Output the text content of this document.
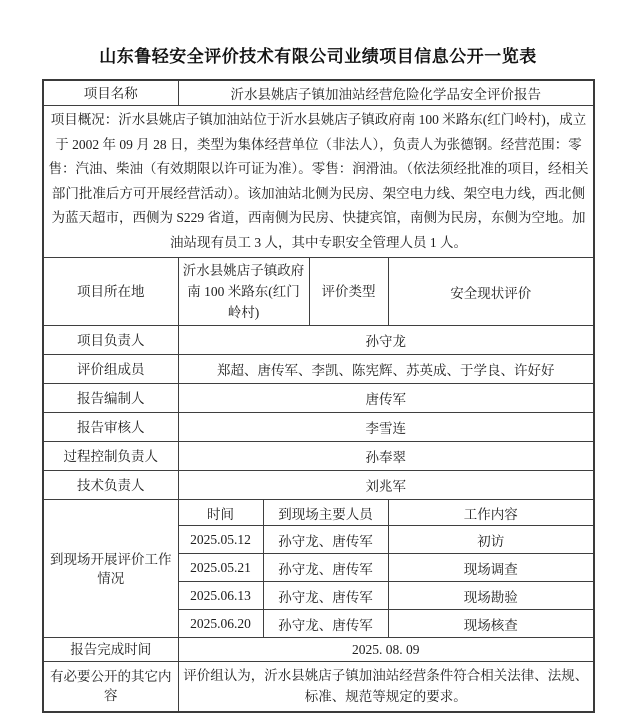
山东鲁轻安全评价技术有限公司业绩项目信息公开一览表
项目名称	沂水县姚店子镇加油站经营危险化学品安全评价报告			
项目概况：沂水县姚店子镇加油站位于沂水县姚店子镇政府南 100 米路东(红门岭村)，成立于 2002 年 09 月 28 日，类型为集体经营单位（非法人），负责人为张德钢。经营范围：零售：汽油、柴油（有效期限以许可证为准）。零售：润滑油。（依法须经批准的项目，经相关部门批准后方可开展经营活动）。该加油站北侧为民房、架空电力线、架空电力线，西北侧为蓝天超市，西侧为 S229 省道，西南侧为民房、快捷宾馆，南侧为民房，东侧为空地。加油站现有员工 3 人，其中专职安全管理人员 1 人。				
项目所在地	沂水县姚店子镇政府南 100 米路东(红门岭村)		评价类型	安全现状评价
项目负责人	孙守龙			
评价组成员	郑超、唐传军、李凯、陈宪辉、苏英成、于学良、许好好			
报告编制人	唐传军			
报告审核人	李雪连			
过程控制负责人	孙奉翠			
技术负责人	刘兆军			
到现场开展评价工作情况	时间	到现场主要人员		工作内容
	2025.05.12	孙守龙、唐传军		初访
	2025.05.21	孙守龙、唐传军		现场调查
	2025.06.13	孙守龙、唐传军		现场勘验
	2025.06.20	孙守龙、唐传军		现场核查
报告完成时间	2025. 08. 09			
有必要公开的其它内容	评价组认为，沂水县姚店子镇加油站经营条件符合相关法律、法规、标准、规范等规定的要求。			
